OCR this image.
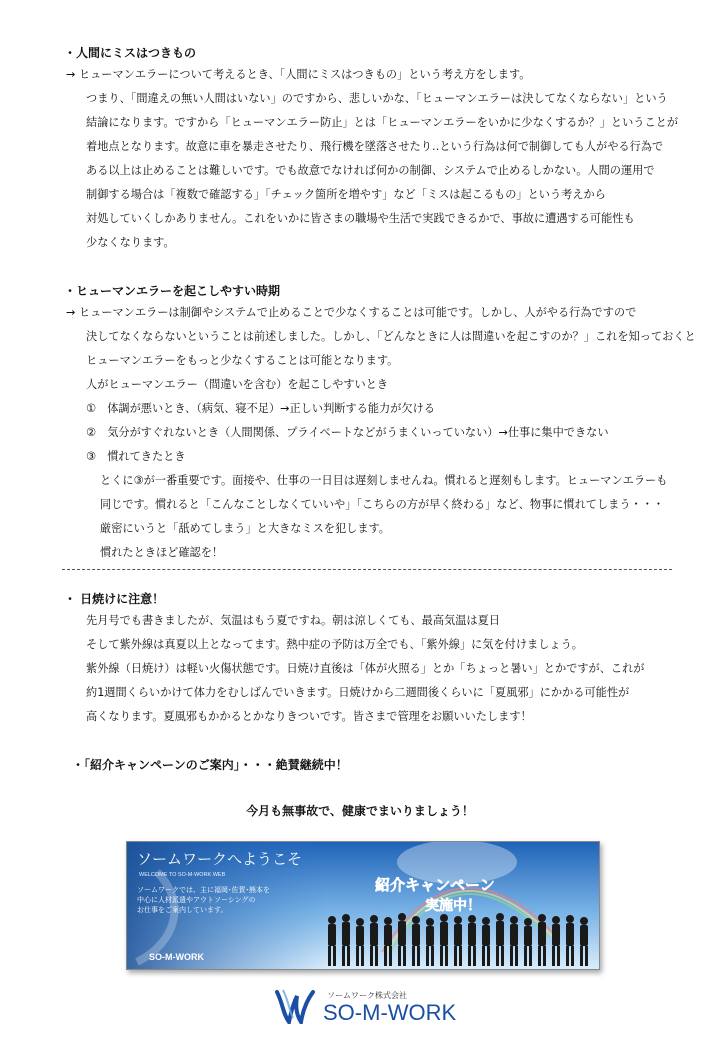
・人間にミスはつきもの
→ ヒューマンエラーについて考えるとき、「人間にミスはつきもの」という考え方をします。
つまり、「間違えの無い人間はいない」のですから、悲しいかな、「ヒューマンエラーは決してなくならない」という
結論になります。ですから「ヒューマンエラー防止」とは「ヒューマンエラーをいかに少なくするか？」ということが
着地点となります。故意に車を暴走させたり、飛行機を墜落させたり‥という行為は何で制御しても人がやる行為で
ある以上は止めることは難しいです。でも故意でなければ何かの制御、システムで止めるしかない。人間の運用で
制御する場合は「複数で確認する」「チェック箇所を増やす」など「ミスは起こるもの」という考えから
対処していくしかありません。これをいかに皆さまの職場や生活で実践できるかで、事故に遭遇する可能性も
少なくなります。
・ヒューマンエラーを起こしやすい時期
→ ヒューマンエラーは制御やシステムで止めることで少なくすることは可能です。しかし、人がやる行為ですので
決してなくならないということは前述しました。しかし、「どんなときに人は間違いを起こすのか？」これを知っておくと
ヒューマンエラーをもっと少なくすることは可能となります。
人がヒューマンエラー（間違いを含む）を起こしやすいとき
①　体調が悪いとき、（病気、寝不足）→正しい判断する能力が欠ける
②　気分がすぐれないとき（人間関係、プライベートなどがうまくいっていない）→仕事に集中できない
③　慣れてきたとき
とくに③が一番重要です。面接や、仕事の一日目は遅刻しませんね。慣れると遅刻もします。ヒューマンエラーも
同じです。慣れると「こんなことしなくていいや」「こちらの方が早く終わる」など、物事に慣れてしまう・・・
厳密にいうと「舐めてしまう」と大きなミスを犯します。
慣れたときほど確認を！
・ 日焼けに注意！
先月号でも書きましたが、気温はもう夏ですね。朝は涼しくても、最高気温は夏日
そして紫外線は真夏以上となってます。熱中症の予防は万全でも、「紫外線」に気を付けましょう。
紫外線（日焼け）は軽い火傷状態です。日焼け直後は「体が火照る」とか「ちょっと暑い」とかですが、これが
約1週間くらいかけて体力をむしばんでいきます。日焼けから二週間後くらいに「夏風邪」にかかる可能性が
高くなります。夏風邪もかかるとかなりきついです。皆さまで管理をお願いいたします！
・「紹介キャンペーンのご案内」・・・絶賛継続中！
今月も無事故で、健康でまいりましょう！
ソームワークへようこそ
WELCOME TO SO-M-WORK WEB
ソームワークでは、主に福岡･佐賀･熊本を
中心に人材派遣やアウトソーシングの
お仕事をご案内しています。
SO-M-WORK
紹介キャンペーン
実施中！
ソームワーク株式会社
SO-M-WORK
